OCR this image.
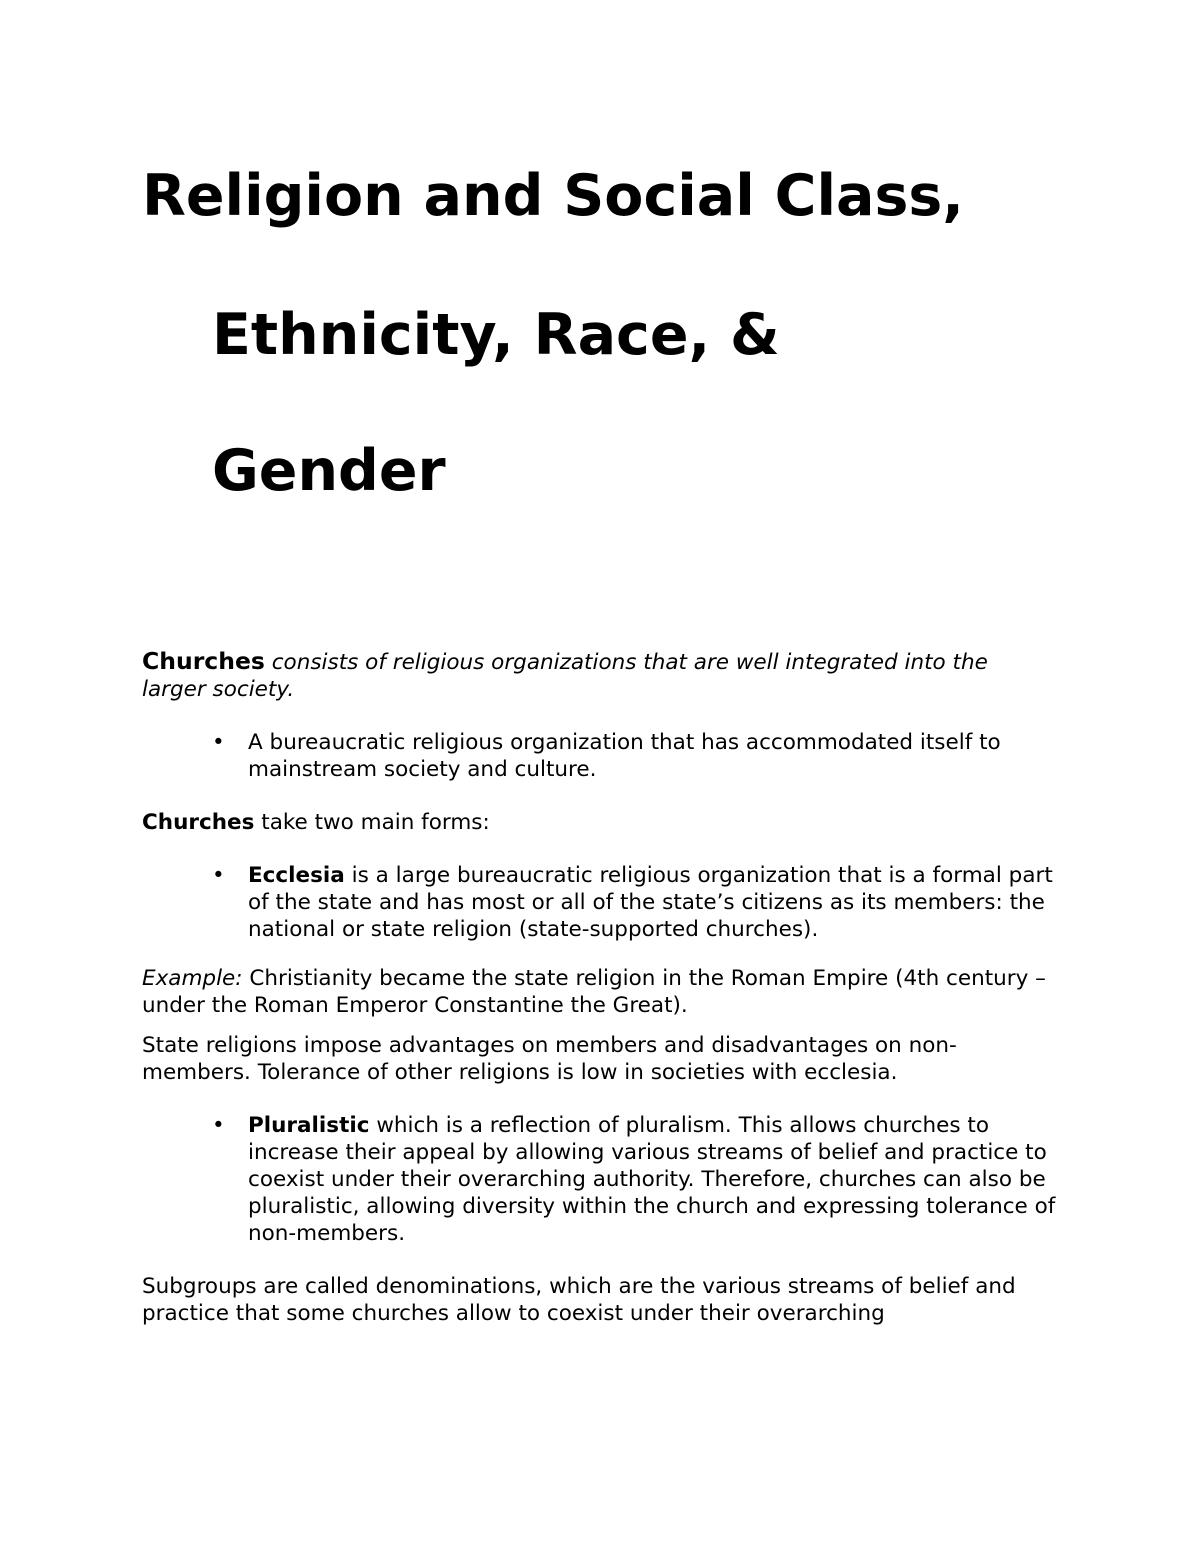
Religion and Social Class,
Ethnicity, Race, &
Gender

Churches consists of religious organizations that are well integrated into the larger society.

• A bureaucratic religious organization that has accommodated itself to mainstream society and culture.

Churches take two main forms:

• Ecclesia is a large bureaucratic religious organization that is a formal part of the state and has most or all of the state’s citizens as its members: the national or state religion (state-supported churches).

Example: Christianity became the state religion in the Roman Empire (4th century – under the Roman Emperor Constantine the Great).

State religions impose advantages on members and disadvantages on non-members. Tolerance of other religions is low in societies with ecclesia.

• Pluralistic which is a reflection of pluralism. This allows churches to increase their appeal by allowing various streams of belief and practice to coexist under their overarching authority. Therefore, churches can also be pluralistic, allowing diversity within the church and expressing tolerance of non-members.

Subgroups are called denominations, which are the various streams of belief and practice that some churches allow to coexist under their overarching
